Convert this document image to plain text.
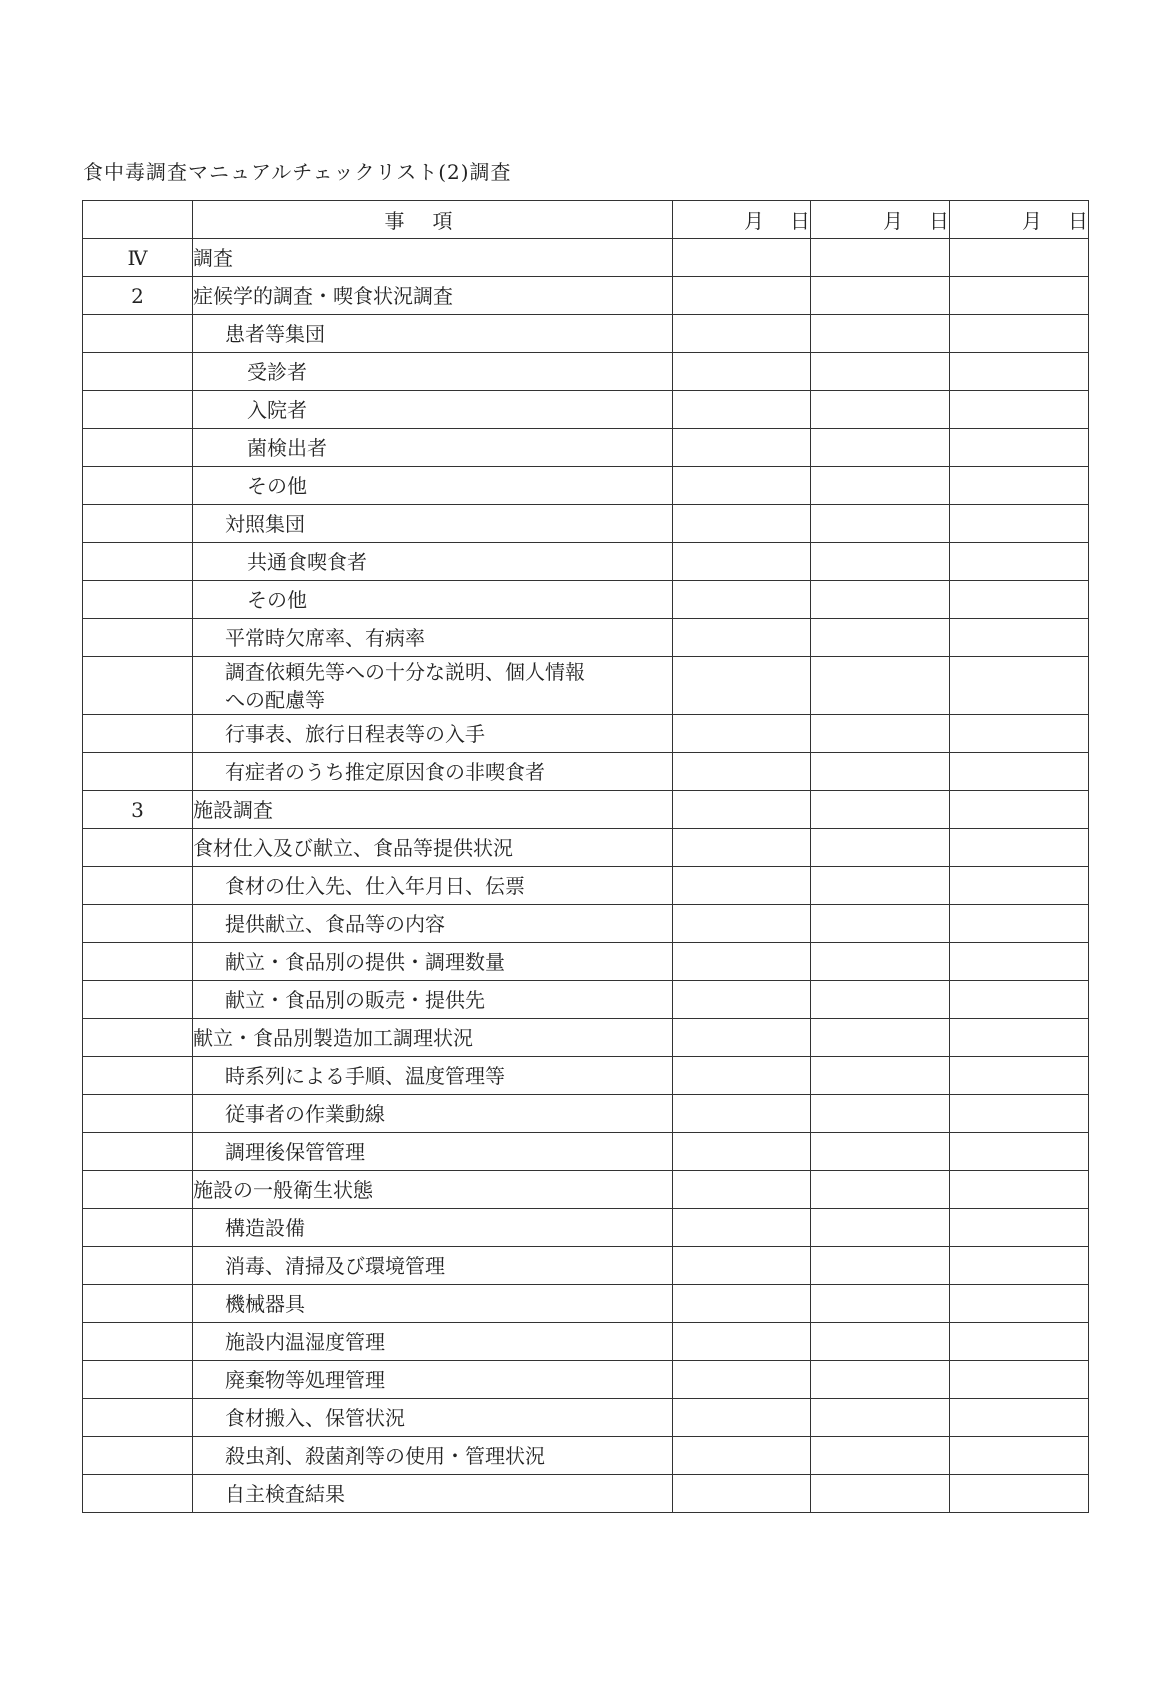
食中毒調査マニュアルチェックリスト(2)調査
	事項	月 日	月 日	月 日
Ⅳ	調査			

2	症候学的調査・喫食状況調査			

	患者等集団			

	受診者			

	入院者			

	菌検出者			

	その他			

	対照集団			

	共通食喫食者			

	その他			

	平常時欠席率、有病率			

	調査依頼先等への十分な説明、個人情報
への配慮等			

	行事表、旅行日程表等の入手			

	有症者のうち推定原因食の非喫食者			

3	施設調査			

	食材仕入及び献立、食品等提供状況			

	食材の仕入先、仕入年月日、伝票			

	提供献立、食品等の内容			

	献立・食品別の提供・調理数量			

	献立・食品別の販売・提供先			

	献立・食品別製造加工調理状況			

	時系列による手順、温度管理等			

	従事者の作業動線			

	調理後保管管理			

	施設の一般衛生状態			

	構造設備			

	消毒、清掃及び環境管理			

	機械器具			

	施設内温湿度管理			

	廃棄物等処理管理			

	食材搬入、保管状況			

	殺虫剤、殺菌剤等の使用・管理状況			

	自主検査結果			
